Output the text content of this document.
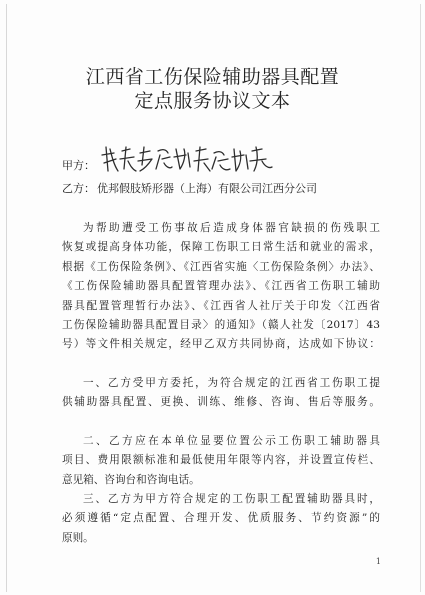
江西省工伤保险辅助器具配置
定点服务协议文本
甲方：
乙方： 优邦假肢矫形器（上海）有限公司江西分公司
为帮助遭受工伤事故后造成身体器官缺损的伤残职工
恢复或提高身体功能，保障工伤职工日常生活和就业的需求，
根据《工伤保险条例》、《江西省实施〈工伤保险条例〉办法》、
《工伤保险辅助器具配置管理办法》、《江西省工伤职工辅助
器具配置管理暂行办法》、《江西省人社厅关于印发〈江西省
工伤保险辅助器具配置目录〉的通知》（赣人社发〔2017〕43
号）等文件相关规定，经甲乙双方共同协商，达成如下协议：
一、乙方受甲方委托，为符合规定的江西省工伤职工提
供辅助器具配置、更换、训练、维修、咨询、售后等服务。
二、乙方应在本单位显要位置公示工伤职工辅助器具
项目、费用限额标准和最低使用年限等内容，并设置宣传栏、
意见箱、咨询台和咨询电话。
三、乙方为甲方符合规定的工伤职工配置辅助器具时，
必须遵循“定点配置、合理开发、优质服务、节约资源”的
原则。
1
